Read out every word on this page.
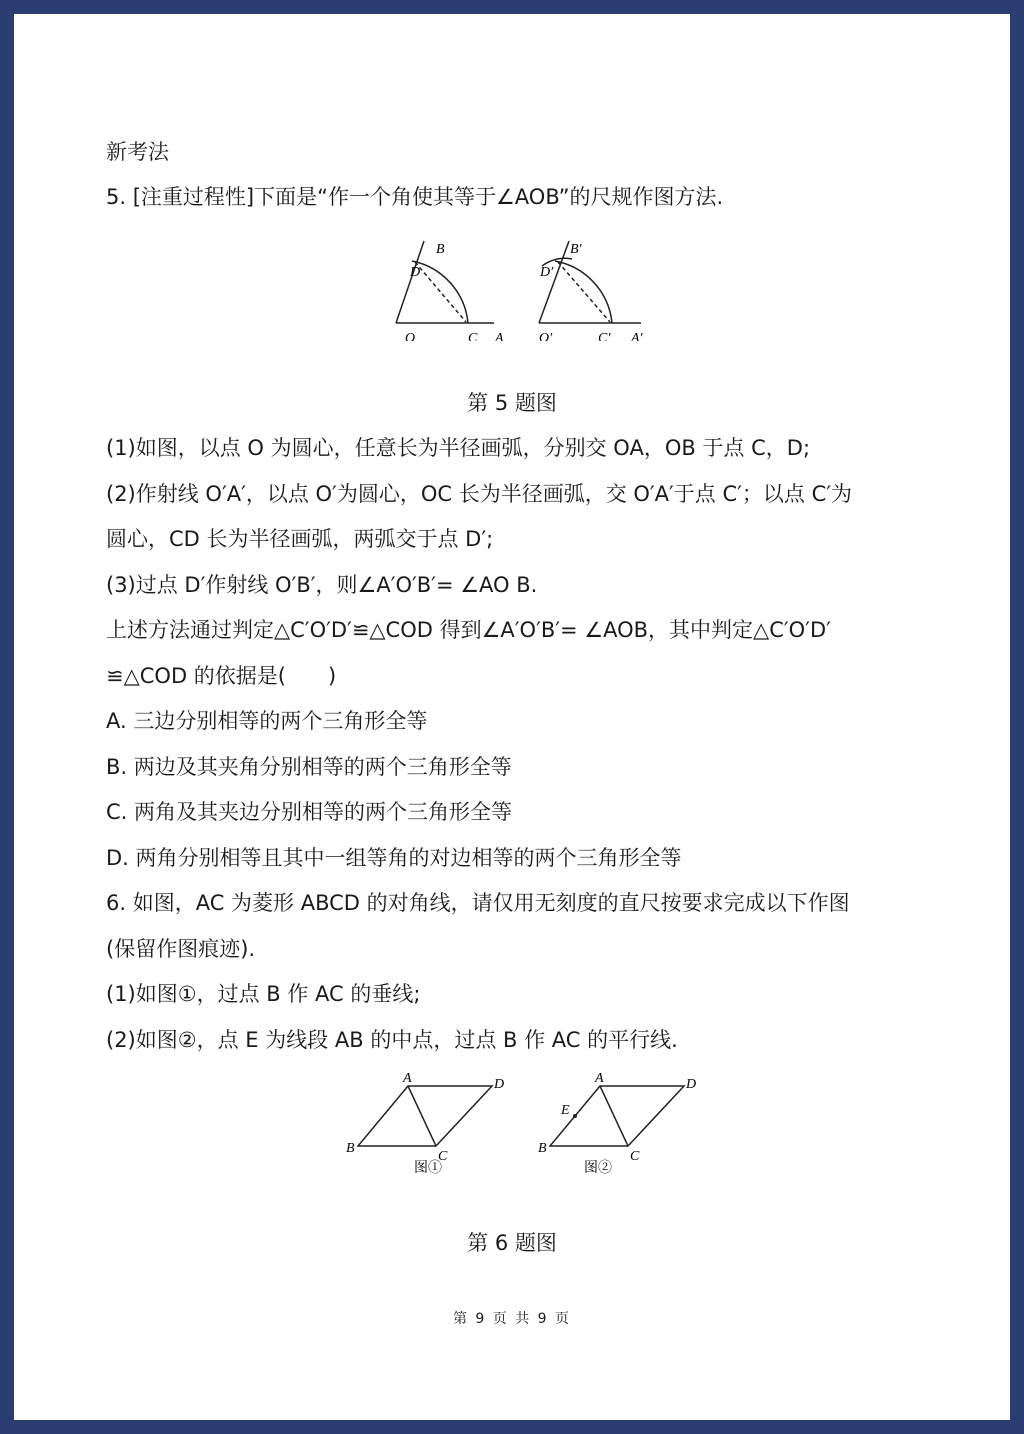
新考法
5. [注重过程性]下面是“作一个角使其等于∠AOB”的尺规作图方法.
B
D
O	C A
B′
D′
O′	C′ A′
第 5 题图
(1)如图，以点 O 为圆心，任意长为半径画弧，分别交 OA，OB 于点 C，D;
(2)作射线 O′A′，以点 O′为圆心，OC 长为半径画弧，交 O′A′于点 C′；以点 C′为
圆心，CD 长为半径画弧，两弧交于点 D′;
(3)过点 D′作射线 O′B′，则∠A′O′B′= ∠AO B.
上述方法通过判定△C′O′D′≌△COD 得到∠A′O′B′= ∠AOB，其中判定△C′O′D′
≌△COD 的依据是(　　)
A. 三边分别相等的两个三角形全等
B. 两边及其夹角分别相等的两个三角形全等
C. 两角及其夹边分别相等的两个三角形全等
D. 两角分别相等且其中一组等角的对边相等的两个三角形全等
6. 如图，AC 为菱形 ABCD 的对角线，请仅用无刻度的直尺按要求完成以下作图
(保留作图痕迹).
(1)如图①，过点 B 作 AC 的垂线;
(2)如图②，点 E 为线段 AB 的中点，过点 B 作 AC 的平行线.
A	D
B
C
图①
A	D
E
B
C
图②
第 6 题图
第 9 页 共 9 页
